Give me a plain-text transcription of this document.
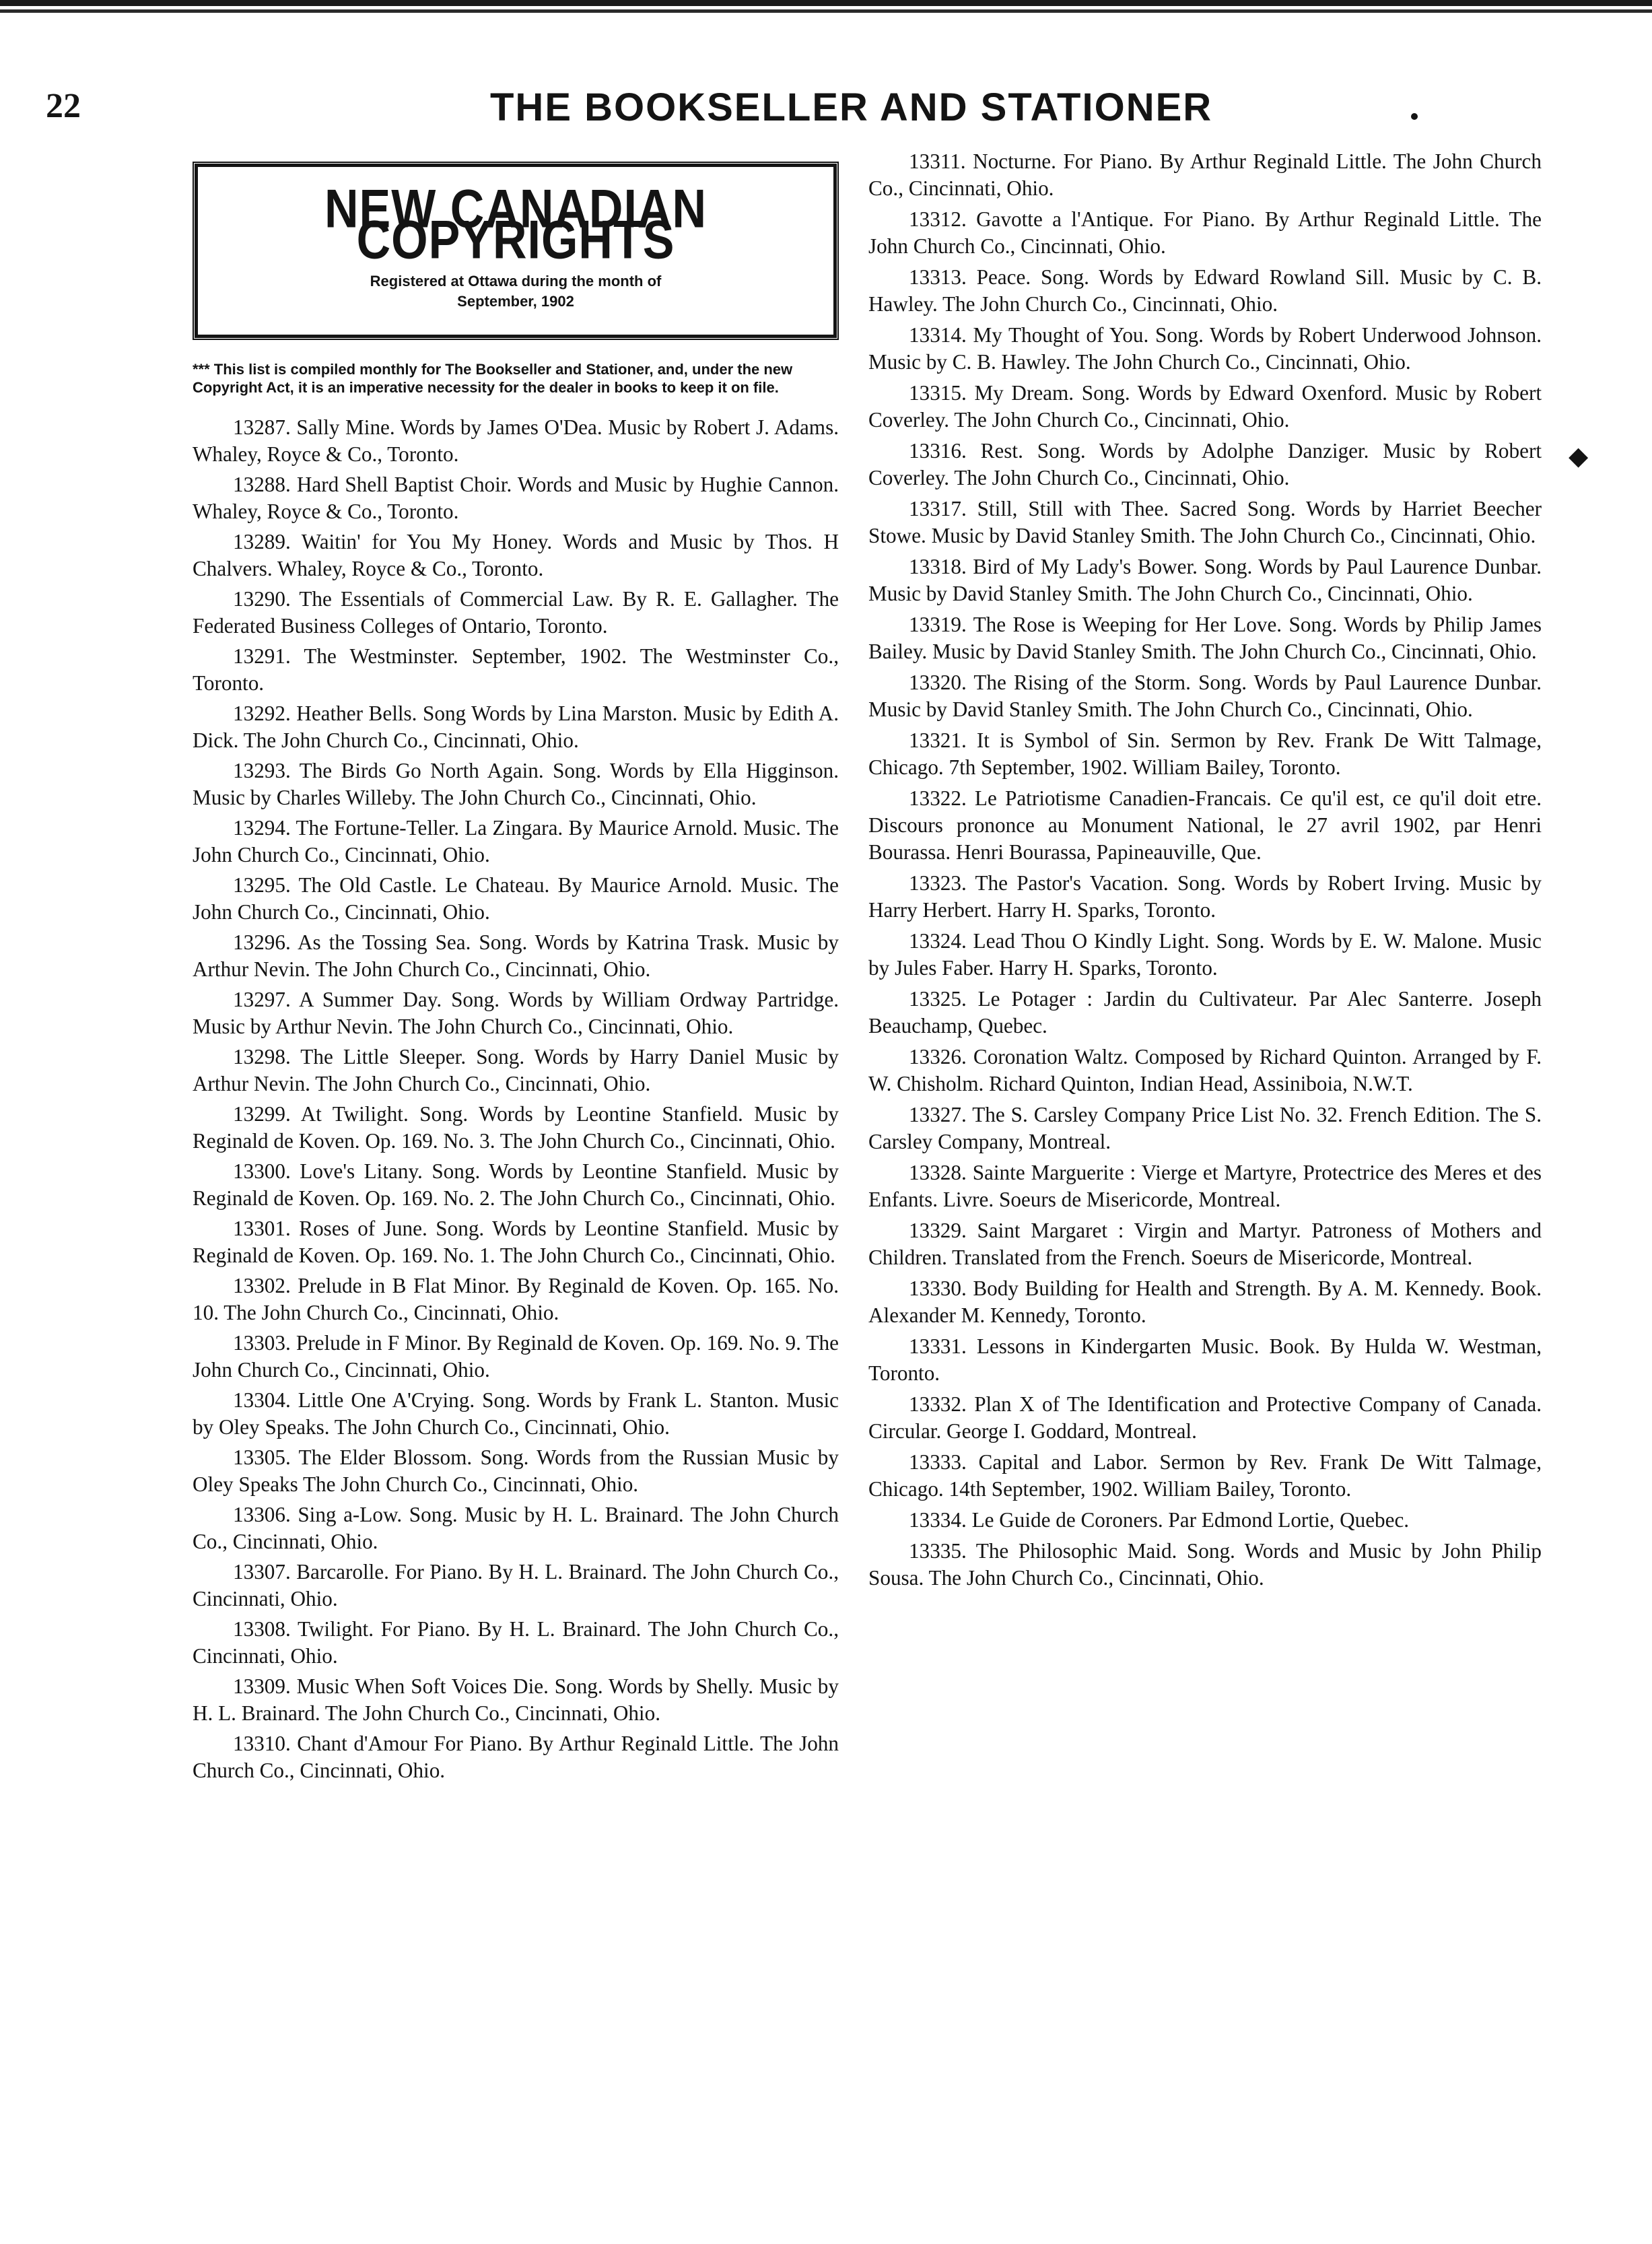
22	THE BOOKSELLER AND STATIONER
NEW CANADIAN COPYRIGHTS
Registered at Ottawa during the month of
September, 1902
*** This list is compiled monthly for The Bookseller and Stationer, and, under the new Copyright Act, it is an imperative necessity for the dealer in books to keep it on file.

13287. Sally Mine. Words by James O'Dea. Music by Robert J. Adams. Whaley, Royce & Co., Toronto.

13288. Hard Shell Baptist Choir. Words and Music by Hughie Cannon. Whaley, Royce & Co., Toronto.

13289. Waitin' for You My Honey. Words and Music by Thos. H Chalvers. Whaley, Royce & Co., Toronto.

13290. The Essentials of Commercial Law. By R. E. Gallagher. The Federated Business Colleges of Ontario, Toronto.

13291. The Westminster. September, 1902. The Westminster Co., Toronto.

13292. Heather Bells. Song Words by Lina Marston. Music by Edith A. Dick. The John Church Co., Cincinnati, Ohio.

13293. The Birds Go North Again. Song. Words by Ella Higginson. Music by Charles Willeby. The John Church Co., Cincinnati, Ohio.

13294. The Fortune-Teller. La Zingara. By Maurice Arnold. Music. The John Church Co., Cincinnati, Ohio.

13295. The Old Castle. Le Chateau. By Maurice Arnold. Music. The John Church Co., Cincinnati, Ohio.

13296. As the Tossing Sea. Song. Words by Katrina Trask. Music by Arthur Nevin. The John Church Co., Cincinnati, Ohio.

13297. A Summer Day. Song. Words by William Ordway Partridge. Music by Arthur Nevin. The John Church Co., Cincinnati, Ohio.

13298. The Little Sleeper. Song. Words by Harry Daniel Music by Arthur Nevin. The John Church Co., Cincinnati, Ohio.

13299. At Twilight. Song. Words by Leontine Stanfield. Music by Reginald de Koven. Op. 169. No. 3. The John Church Co., Cincinnati, Ohio.

13300. Love's Litany. Song. Words by Leontine Stanfield. Music by Reginald de Koven. Op. 169. No. 2. The John Church Co., Cincinnati, Ohio.

13301. Roses of June. Song. Words by Leontine Stanfield. Music by Reginald de Koven. Op. 169. No. 1. The John Church Co., Cincinnati, Ohio.

13302. Prelude in B Flat Minor. By Reginald de Koven. Op. 165. No. 10. The John Church Co., Cincinnati, Ohio.

13303. Prelude in F Minor. By Reginald de Koven. Op. 169. No. 9. The John Church Co., Cincinnati, Ohio.

13304. Little One A'Crying. Song. Words by Frank L. Stanton. Music by Oley Speaks. The John Church Co., Cincinnati, Ohio.

13305. The Elder Blossom. Song. Words from the Russian Music by Oley Speaks The John Church Co., Cincinnati, Ohio.

13306. Sing a-Low. Song. Music by H. L. Brainard. The John Church Co., Cincinnati, Ohio.

13307. Barcarolle. For Piano. By H. L. Brainard. The John Church Co., Cincinnati, Ohio.

13308. Twilight. For Piano. By H. L. Brainard. The John Church Co., Cincinnati, Ohio.

13309. Music When Soft Voices Die. Song. Words by Shelly. Music by H. L. Brainard. The John Church Co., Cincinnati, Ohio.

13310. Chant d'Amour For Piano. By Arthur Reginald Little. The John Church Co., Cincinnati, Ohio.

13311. Nocturne. For Piano. By Arthur Reginald Little. The John Church Co., Cincinnati, Ohio.

13312. Gavotte a l'Antique. For Piano. By Arthur Reginald Little. The John Church Co., Cincinnati, Ohio.

13313. Peace. Song. Words by Edward Rowland Sill. Music by C. B. Hawley. The John Church Co., Cincinnati, Ohio.

13314. My Thought of You. Song. Words by Robert Underwood Johnson. Music by C. B. Hawley. The John Church Co., Cincinnati, Ohio.

13315. My Dream. Song. Words by Edward Oxenford. Music by Robert Coverley. The John Church Co., Cincinnati, Ohio.

13316. Rest. Song. Words by Adolphe Danziger. Music by Robert Coverley. The John Church Co., Cincinnati, Ohio.

13317. Still, Still with Thee. Sacred Song. Words by Harriet Beecher Stowe. Music by David Stanley Smith. The John Church Co., Cincinnati, Ohio.

13318. Bird of My Lady's Bower. Song. Words by Paul Laurence Dunbar. Music by David Stanley Smith. The John Church Co., Cincinnati, Ohio.

13319. The Rose is Weeping for Her Love. Song. Words by Philip James Bailey. Music by David Stanley Smith. The John Church Co., Cincinnati, Ohio.

13320. The Rising of the Storm. Song. Words by Paul Laurence Dunbar. Music by David Stanley Smith. The John Church Co., Cincinnati, Ohio.

13321. It is Symbol of Sin. Sermon by Rev. Frank De Witt Talmage, Chicago. 7th September, 1902. William Bailey, Toronto.

13322. Le Patriotisme Canadien-Francais. Ce qu'il est, ce qu'il doit etre. Discours prononce au Monument National, le 27 avril 1902, par Henri Bourassa. Henri Bourassa, Papineauville, Que.

13323. The Pastor's Vacation. Song. Words by Robert Irving. Music by Harry Herbert. Harry H. Sparks, Toronto.

13324. Lead Thou O Kindly Light. Song. Words by E. W. Malone. Music by Jules Faber. Harry H. Sparks, Toronto.

13325. Le Potager : Jardin du Cultivateur. Par Alec Santerre. Joseph Beauchamp, Quebec.

13326. Coronation Waltz. Composed by Richard Quinton. Arranged by F. W. Chisholm. Richard Quinton, Indian Head, Assiniboia, N.W.T.

13327. The S. Carsley Company Price List No. 32. French Edition. The S. Carsley Company, Montreal.

13328. Sainte Marguerite : Vierge et Martyre, Protectrice des Meres et des Enfants. Livre. Soeurs de Misericorde, Montreal.

13329. Saint Margaret : Virgin and Martyr. Patroness of Mothers and Children. Translated from the French. Soeurs de Misericorde, Montreal.

13330. Body Building for Health and Strength. By A. M. Kennedy. Book. Alexander M. Kennedy, Toronto.

13331. Lessons in Kindergarten Music. Book. By Hulda W. Westman, Toronto.

13332. Plan X of The Identification and Protective Company of Canada. Circular. George I. Goddard, Montreal.

13333. Capital and Labor. Sermon by Rev. Frank De Witt Talmage, Chicago. 14th September, 1902. William Bailey, Toronto.

13334. Le Guide de Coroners. Par Edmond Lortie, Quebec.

13335. The Philosophic Maid. Song. Words and Music by John Philip Sousa. The John Church Co., Cincinnati, Ohio.

◆
